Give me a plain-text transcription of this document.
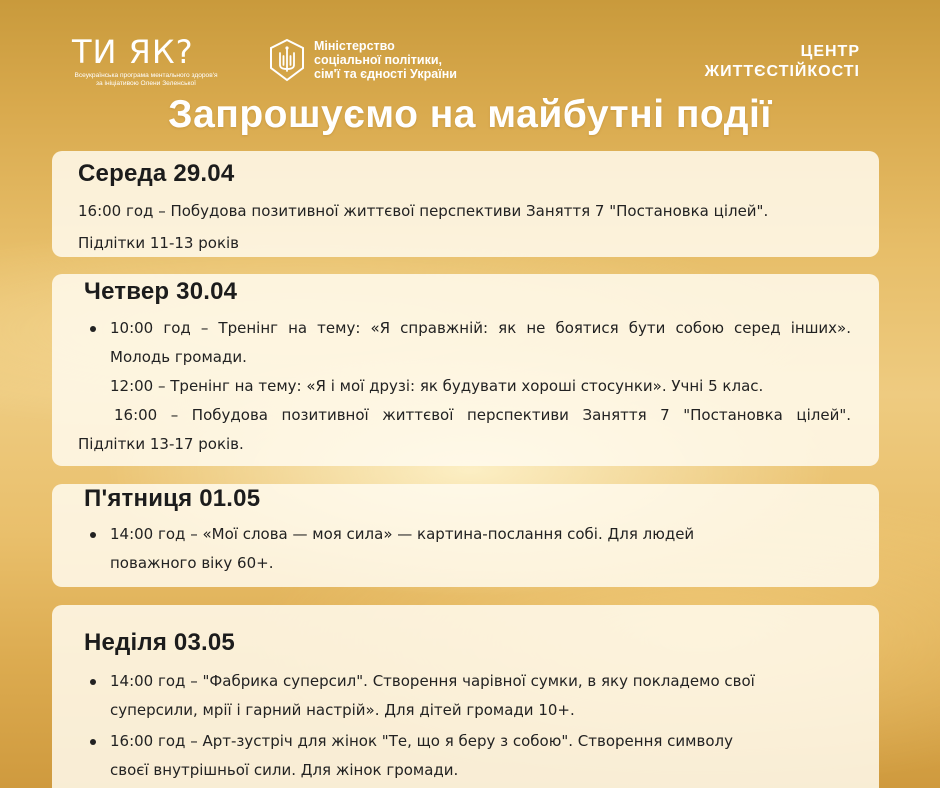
ТИ ЯК?
Всеукраїнська програма ментального здоров'я
за ініціативою Олени Зеленської
Міністерство
соціальної політики,
сім'ї та єдності України
ЦЕНТР
ЖИТТЄСТІЙКОСТІ
Запрошуємо на майбутні події
Середа 29.04
16:00 год – Побудова позитивної життєвої перспективи Заняття 7 "Постановка цілей".
Підлітки 11-13 років
Четвер 30.04
10:00 год – Тренінг на тему: «Я справжній: як не боятися бути собою серед інших».
Молодь громади.
12:00 – Тренінг на тему: «Я і мої друзі: як будувати хороші стосунки». Учні 5 клас.
16:00 – Побудова позитивної життєвої перспективи Заняття 7 "Постановка цілей".
Підлітки 13-17 років.
П'ятниця 01.05
14:00 год – «Мої слова — моя сила» — картина-послання собі. Для людей
поважного віку 60+.
Неділя 03.05
14:00 год – "Фабрика суперсил". Створення чарівної сумки, в яку покладемо свої
суперсили, мрії і гарний настрій». Для дітей громади 10+.
16:00 год – Арт-зустріч для жінок "Те, що я беру з собою". Створення символу
своєї внутрішньої сили. Для жінок громади.
